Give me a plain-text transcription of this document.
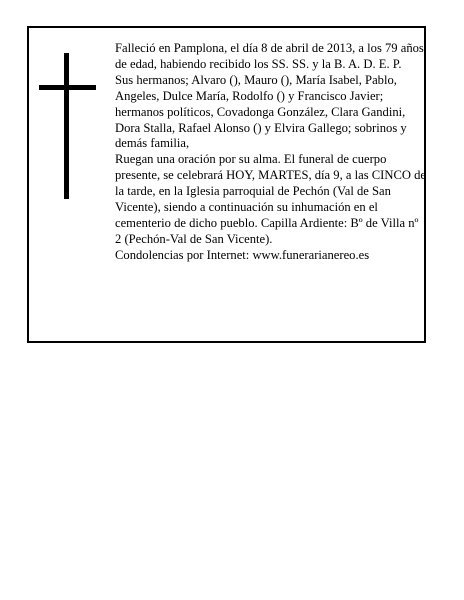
Falleció en Pamplona, el día 8 de abril de 2013, a los 79 años de edad, habiendo recibido los SS. SS. y la B. A. D. E. P.

Sus hermanos; Alvaro (), Mauro (), María Isabel, Pablo, Angeles, Dulce María, Rodolfo () y Francisco Javier; hermanos políticos, Covadonga González, Clara Gandini, Dora Stalla, Rafael Alonso () y Elvira Gallego; sobrinos y demás familia,

Ruegan una oración por su alma. El funeral de cuerpo presente, se celebrará HOY, MARTES, día 9, a las CINCO de la tarde, en la Iglesia parroquial de Pechón (Val de San Vicente), siendo a continuación su inhumación en el cementerio de dicho pueblo. Capilla Ardiente: Bº de Villa nº 2 (Pechón-Val de San Vicente).

Condolencias por Internet: www.funerarianereo.es
